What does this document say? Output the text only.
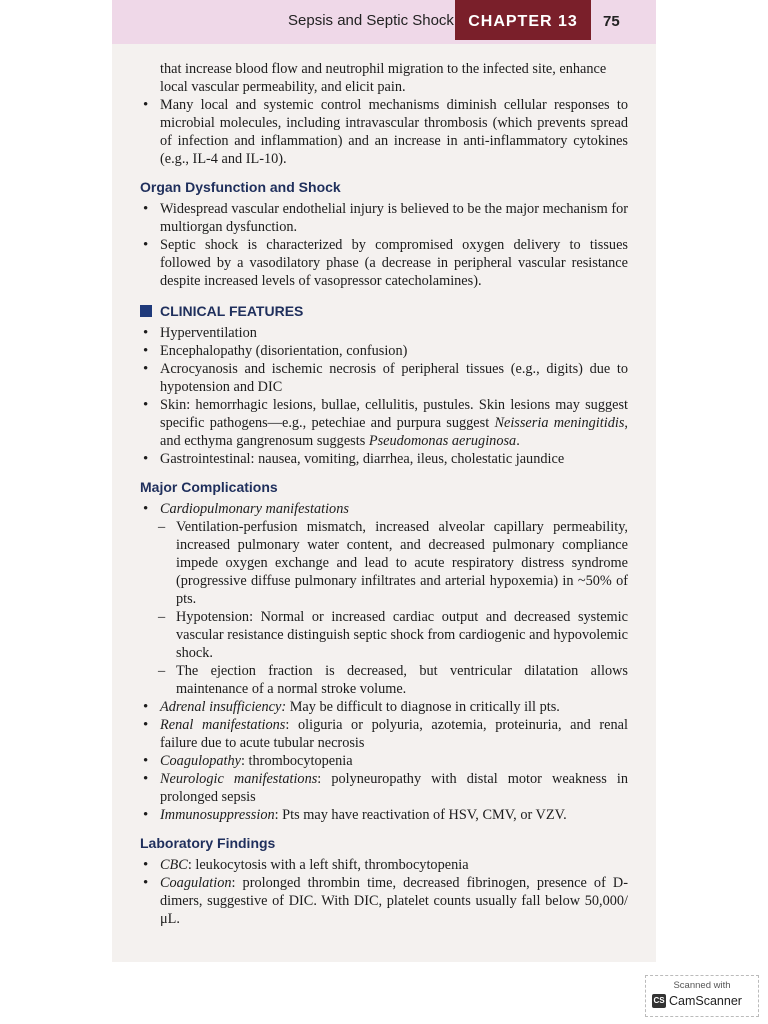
Sepsis and Septic Shock CHAPTER 13	75

that increase blood flow and neutrophil migration to the infected site, enhance local vascular permeability, and elicit pain.

• Many local and systemic control mechanisms diminish cellular responses to microbial molecules, including intravascular thrombosis (which prevents spread of infection and inflammation) and an increase in anti-inflammatory cytokines (e.g., IL-4 and IL-10).
Organ Dysfunction and Shock
• Widespread vascular endothelial injury is believed to be the major mechanism for multiorgan dysfunction.
• Septic shock is characterized by compromised oxygen delivery to tissues followed by a vasodilatory phase (a decrease in peripheral vascular resistance despite increased levels of vasopressor catecholamines).
CLINICAL FEATURES
• Hyperventilation
• Encephalopathy (disorientation, confusion)
• Acrocyanosis and ischemic necrosis of peripheral tissues (e.g., digits) due to hypotension and DIC
• Skin: hemorrhagic lesions, bullae, cellulitis, pustules. Skin lesions may suggest specific pathogens—e.g., petechiae and purpura suggest Neisseria meningitidis, and ecthyma gangrenosum suggests Pseudomonas aeruginosa.
• Gastrointestinal: nausea, vomiting, diarrhea, ileus, cholestatic jaundice
Major Complications
• Cardiopulmonary manifestations
– Ventilation-perfusion mismatch, increased alveolar capillary permeability, increased pulmonary water content, and decreased pulmonary compliance impede oxygen exchange and lead to acute respiratory distress syndrome (progressive diffuse pulmonary infiltrates and arterial hypoxemia) in ~50% of pts.
– Hypotension: Normal or increased cardiac output and decreased systemic vascular resistance distinguish septic shock from cardiogenic and hypovolemic shock.
– The ejection fraction is decreased, but ventricular dilatation allows maintenance of a normal stroke volume.
• Adrenal insufficiency: May be difficult to diagnose in critically ill pts.
• Renal manifestations: oliguria or polyuria, azotemia, proteinuria, and renal failure due to acute tubular necrosis
• Coagulopathy: thrombocytopenia
• Neurologic manifestations: polyneuropathy with distal motor weakness in prolonged sepsis
• Immunosuppression: Pts may have reactivation of HSV, CMV, or VZV.
Laboratory Findings
• CBC: leukocytosis with a left shift, thrombocytopenia
• Coagulation: prolonged thrombin time, decreased fibrinogen, presence of D-dimers, suggestive of DIC. With DIC, platelet counts usually fall below 50,000/μL.
Scanned with
CS CamScanner
